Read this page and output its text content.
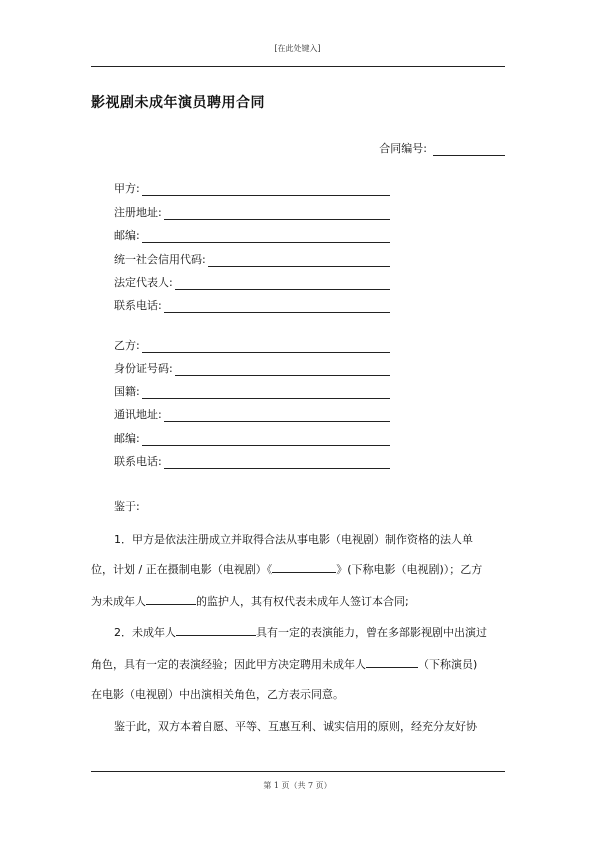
[在此处键入]
影视剧未成年演员聘用合同
合同编号:
甲方:
注册地址:
邮编:
统一社会信用代码:
法定代表人:
联系电话:
乙方:
身份证号码:
国籍:
通讯地址:
邮编:
联系电话:
鉴于:
1．甲方是依法注册成立并取得合法从事电影（电视剧）制作资格的法人单
位，计划 / 正在摄制电影（电视剧）《	》(下称电影（电视剧)）；乙方
为未成年人	的监护人，其有权代表未成年人签订本合同;
2．未成年人	具有一定的表演能力，曾在多部影视剧中出演过
角色，具有一定的表演经验；因此甲方决定聘用未成年人	（下称演员)
在电影（电视剧）中出演相关角色，乙方表示同意。
鉴于此，双方本着自愿、平等、互惠互利、诚实信用的原则，经充分友好协
第 1 页（共 7 页）
